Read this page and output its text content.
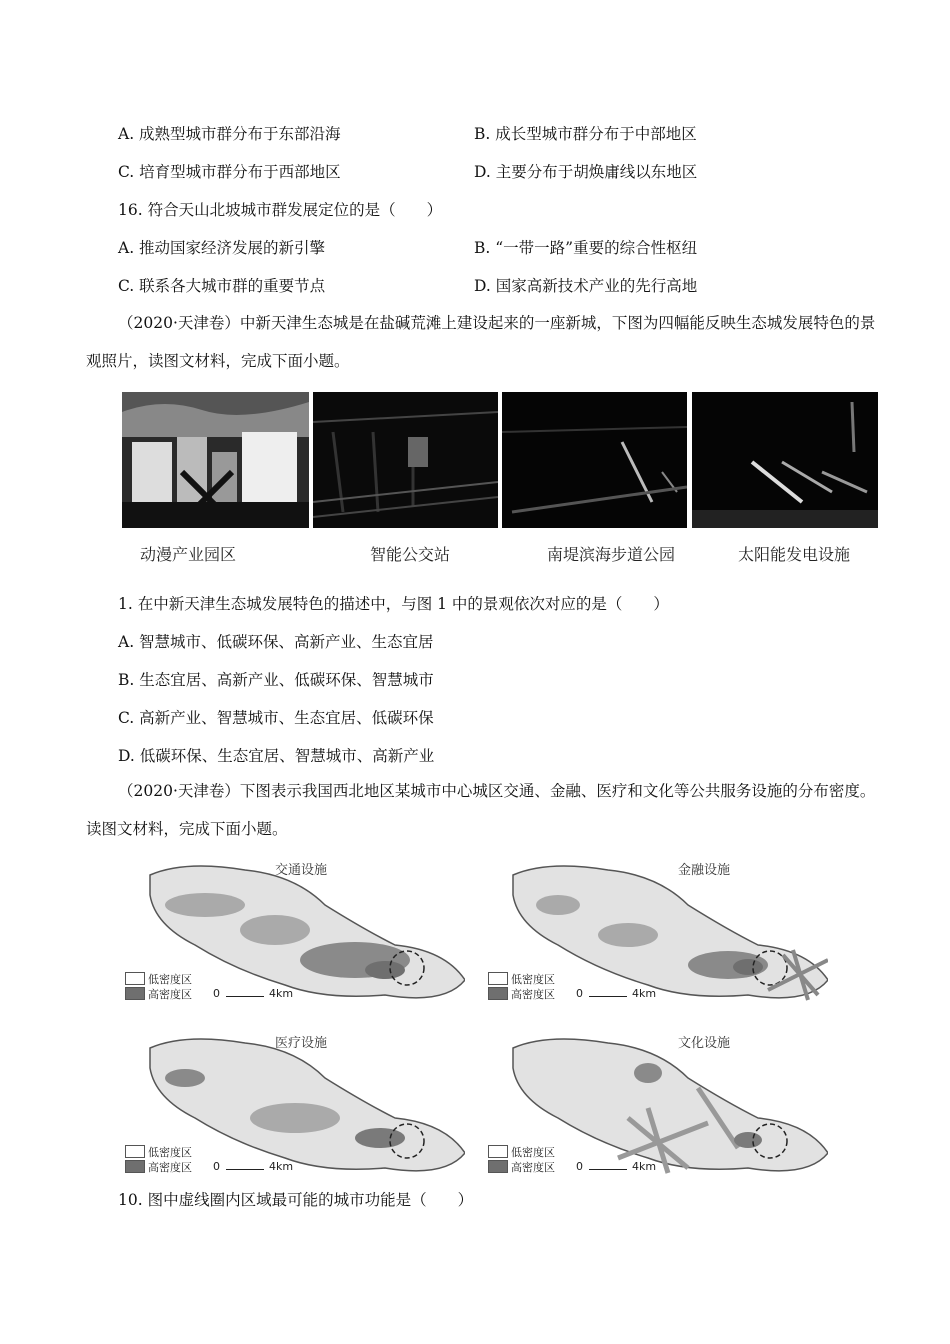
A. 成熟型城市群分布于东部沿海	B. 成长型城市群分布于中部地区
C. 培育型城市群分布于西部地区	D. 主要分布于胡焕庸线以东地区
16. 符合天山北坡城市群发展定位的是（　　）
A. 推动国家经济发展的新引擎	B. “一带一路”重要的综合性枢纽
C. 联系各大城市群的重要节点	D. 国家高新技术产业的先行高地
（2020·天津卷）中新天津生态城是在盐碱荒滩上建设起来的一座新城，下图为四幅能反映生态城发展特色的景观照片，读图文材料，完成下面小题。
动漫产业园区	智能公交站	南堤滨海步道公园	太阳能发电设施
1. 在中新天津生态城发展特色的描述中，与图 1 中的景观依次对应的是（　　）
A. 智慧城市、低碳环保、高新产业、生态宜居
B. 生态宜居、高新产业、低碳环保、智慧城市
C. 高新产业、智慧城市、生态宜居、低碳环保
D. 低碳环保、生态宜居、智慧城市、高新产业
（2020·天津卷）下图表示我国西北地区某城市中心城区交通、金融、医疗和文化等公共服务设施的分布密度。读图文材料，完成下面小题。
交通设施
低密度区
高密度区 0	4km
金融设施
低密度区
高密度区 0	4km
医疗设施
低密度区
高密度区 0	4km
文化设施
低密度区
高密度区 0	4km
10. 图中虚线圈内区域最可能的城市功能是（　　）
